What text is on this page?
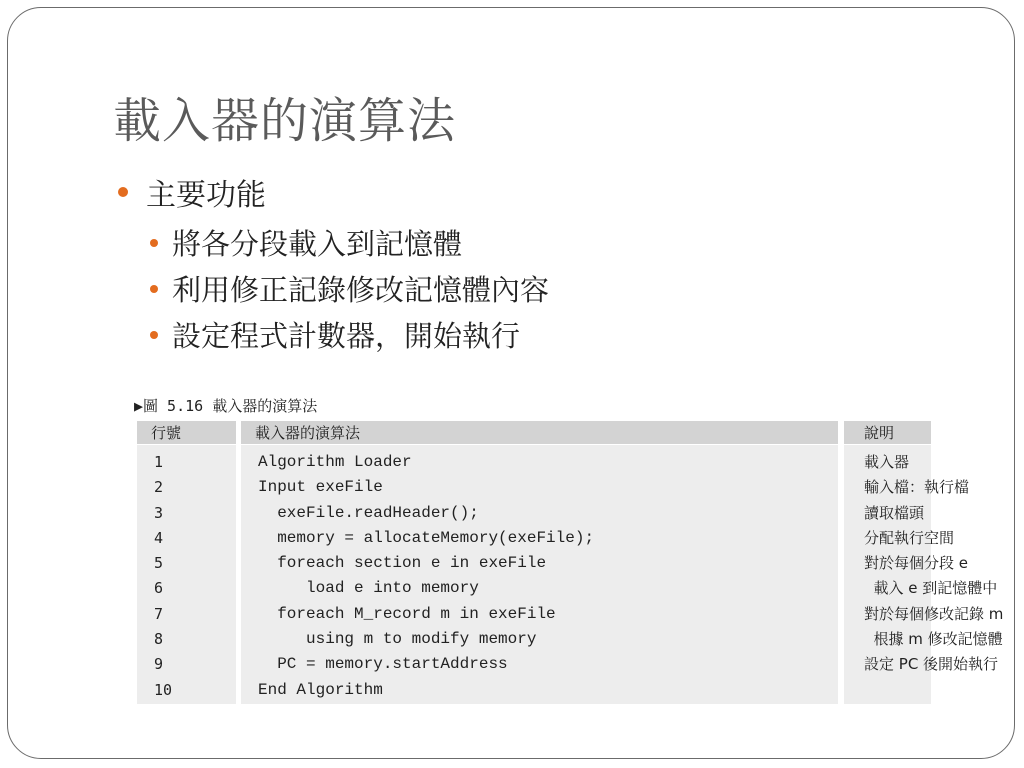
載入器的演算法
主要功能
將各分段載入到記憶體
利用修正記錄修改記憶體內容
設定程式計數器，開始執行
▶圖 5.16 載入器的演算法
行號
1
2
3
4
5
6
7
8
9
10
載入器的演算法
Algorithm Loader
Input exeFile
exeFile.readHeader();
memory = allocateMemory(exeFile);
foreach section e in exeFile
load e into memory
foreach M_record m in exeFile
using m to modify memory
PC = memory.startAddress
End Algorithm
說明
載入器
輸入檔：執行檔
讀取檔頭
分配執行空間
對於每個分段 e
載入 e 到記憶體中
對於每個修改記錄 m
根據 m 修改記憶體
設定 PC 後開始執行
